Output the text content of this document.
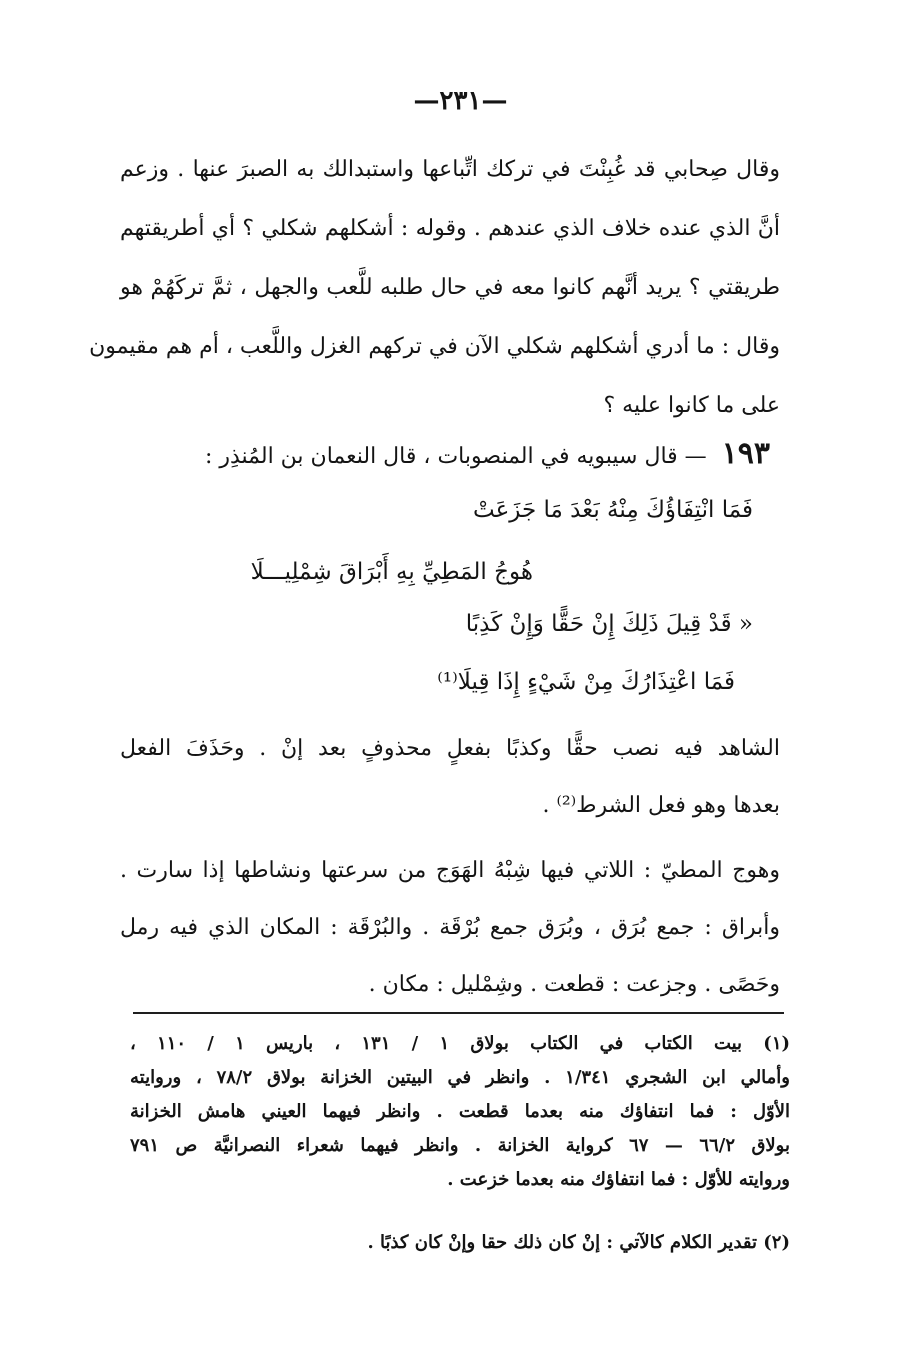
—٢٣١—
وقال صِحابي قد غُبِنْتَ في تركك اتِّباعها واستبدالك به الصبرَ عنها . وزعم
أنَّ الذي عنده خلاف الذي عندهم . وقوله : أشكلهم شكلي ؟ أي أطريقتهم
طريقتي ؟ يريد أنَّهم كانوا معه في حال طلبه للَّعب والجهل ، ثمَّ تركَهُمْ هو
وقال : ما أدري أشكلهم شكلي الآن في تركهم الغزل واللَّعب ، أم هم مقيمون
على ما كانوا عليه ؟
١٩٣ — قال سيبويه في المنصوبات ، قال النعمان بن المُنذِر :
فَمَا انْتِفَاؤُكَ مِنْهُ بَعْدَ مَا جَزَعَتْ
هُوجُ المَطِيِّ بِهِ أَبْرَاقَ شِمْلِيـــلَا
« قَدْ قِيلَ ذَلِكَ إِنْ حَقًّا وَإِنْ كَذِبًا
فَمَا اعْتِذَارُكَ مِنْ شَيْءٍ إِذَا قِيلَا⁽¹⁾
الشاهد فيه نصب حقًّا وكذبًا بفعلٍ محذوفٍ بعد إنْ . وحَذَفَ الفعل
بعدها وهو فعل الشرط⁽²⁾ .
وهوج المطيّ : اللاتي فيها شِبْهُ الهَوَج من سرعتها ونشاطها إذا سارت .
وأبراق : جمع بُرَق ، وبُرَق جمع بُرْقَة . والبُرْقَة : المكان الذي فيه رمل
وحَصًى . وجزعت : قطعت . وشِمْليل : مكان .
(١) بيت الكتاب في الكتاب بولاق ١ / ١٣١ ، باريس ١ / ١١٠ ،
وأمالي ابن الشجري ١/٣٤١ . وانظر في البيتين الخزانة بولاق ٧٨/٢ ، وروايته
الأوّل : فما انتفاؤك منه بعدما قطعت . وانظر فيهما العيني هامش الخزانة
بولاق ٦٦/٢ — ٦٧ كرواية الخزانة . وانظر فيهما شعراء النصرانيَّة ص ٧٩١
وروايته للأوّل : فما انتفاؤك منه بعدما خزعت .
(٢) تقدير الكلام كالآتي : إنْ كان ذلك حقا وإنْ كان كذبًا .
